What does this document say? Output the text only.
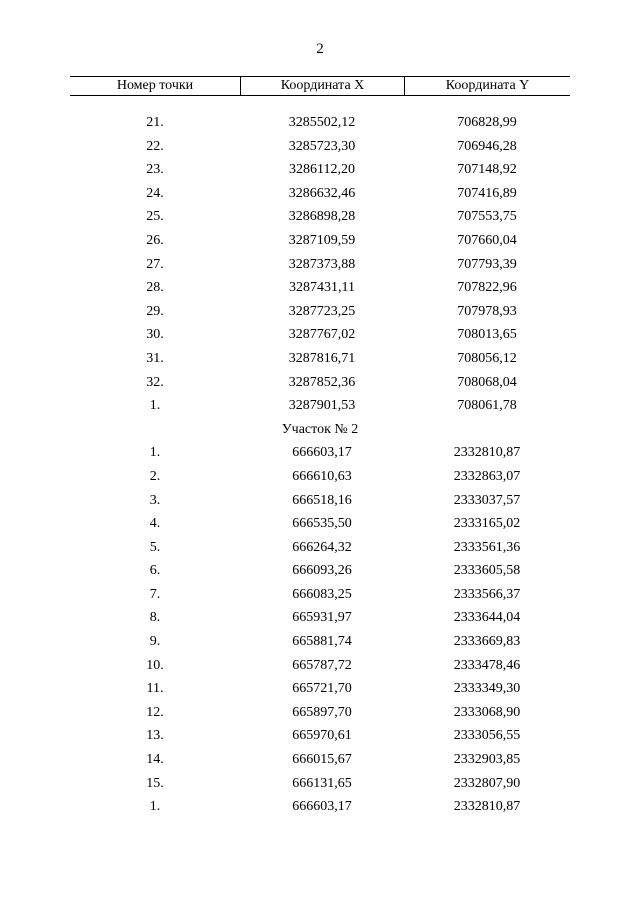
2
Номер точки	Координата X	Координата Y
21.	3285502,12	706828,99
22.	3285723,30	706946,28
23.	3286112,20	707148,92
24.	3286632,46	707416,89
25.	3286898,28	707553,75
26.	3287109,59	707660,04
27.	3287373,88	707793,39
28.	3287431,11	707822,96
29.	3287723,25	707978,93
30.	3287767,02	708013,65
31.	3287816,71	708056,12
32.	3287852,36	708068,04
1.	3287901,53	708061,78
Участок № 2
1.	666603,17	2332810,87
2.	666610,63	2332863,07
3.	666518,16	2333037,57
4.	666535,50	2333165,02
5.	666264,32	2333561,36
6.	666093,26	2333605,58
7.	666083,25	2333566,37
8.	665931,97	2333644,04
9.	665881,74	2333669,83
10.	665787,72	2333478,46
11.	665721,70	2333349,30
12.	665897,70	2333068,90
13.	665970,61	2333056,55
14.	666015,67	2332903,85
15.	666131,65	2332807,90
1.	666603,17	2332810,87
